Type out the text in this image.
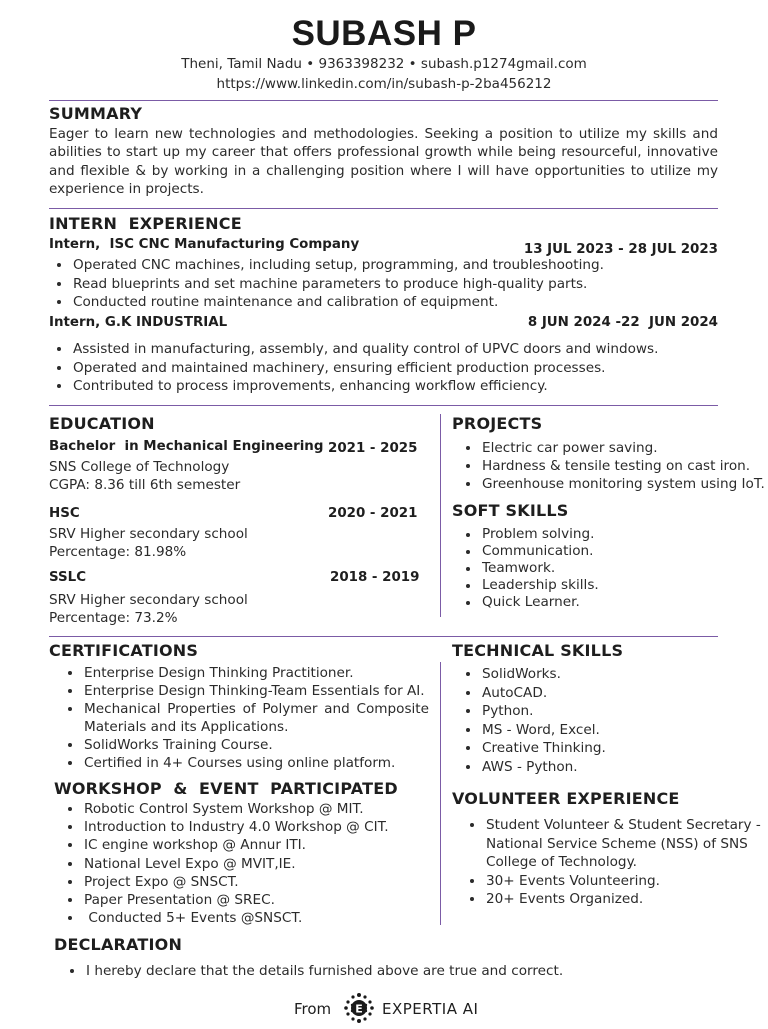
SUBASH P
Theni, Tamil Nadu • 9363398232 • subash.p1274gmail.com
https://www.linkedin.com/in/subash-p-2ba456212
SUMMARY
Eager to learn new technologies and methodologies. Seeking a position to utilize my skills and abilities to start up my career that offers professional growth while being resourceful, innovative and flexible & by working in a challenging position where I will have opportunities to utilize my experience in projects.
INTERN  EXPERIENCE
Intern,  ISC CNC Manufacturing Company	13 JUL 2023 - 28 JUL 2023
Operated CNC machines, including setup, programming, and troubleshooting.
Read blueprints and set machine parameters to produce high-quality parts.
Conducted routine maintenance and calibration of equipment.
Intern, G.K INDUSTRIAL	8 JUN 2024 -22  JUN 2024
Assisted in manufacturing, assembly, and quality control of UPVC doors and windows.
Operated and maintained machinery, ensuring efficient production processes.
Contributed to process improvements, enhancing workflow efficiency.
EDUCATION
Bachelor  in Mechanical Engineering 2021 - 2025
SNS College of Technology
CGPA: 8.36 till 6th semester
HSC	2020 - 2021
SRV Higher secondary school
Percentage: 81.98%
SSLC	2018 - 2019
SRV Higher secondary school
Percentage: 73.2%
PROJECTS
Electric car power saving.
Hardness & tensile testing on cast iron.
Greenhouse monitoring system using IoT.
SOFT SKILLS
Problem solving.
Communication.
Teamwork.
Leadership skills.
Quick Learner.
CERTIFICATIONS
Enterprise Design Thinking Practitioner.
Enterprise Design Thinking-Team Essentials for AI.
Mechanical Properties of Polymer and Composite Materials and its Applications.
SolidWorks Training Course.
Certified in 4+ Courses using online platform.
WORKSHOP  &  EVENT  PARTICIPATED
Robotic Control System Workshop @ MIT.
Introduction to Industry 4.0 Workshop @ CIT.
IC engine workshop @ Annur ITI.
National Level Expo @ MVIT,IE.
Project Expo @ SNSCT.
Paper Presentation @ SREC.
Conducted 5+ Events @SNSCT.
TECHNICAL SKILLS
SolidWorks.
AutoCAD.
Python.
MS - Word, Excel.
Creative Thinking.
AWS - Python.
VOLUNTEER EXPERIENCE
Student Volunteer & Student Secretary - National Service Scheme (NSS) of SNS College of Technology.
30+ Events Volunteering.
20+ Events Organized.
DECLARATION
I hereby declare that the details furnished above are true and correct.
From E EXPERTIA AI
